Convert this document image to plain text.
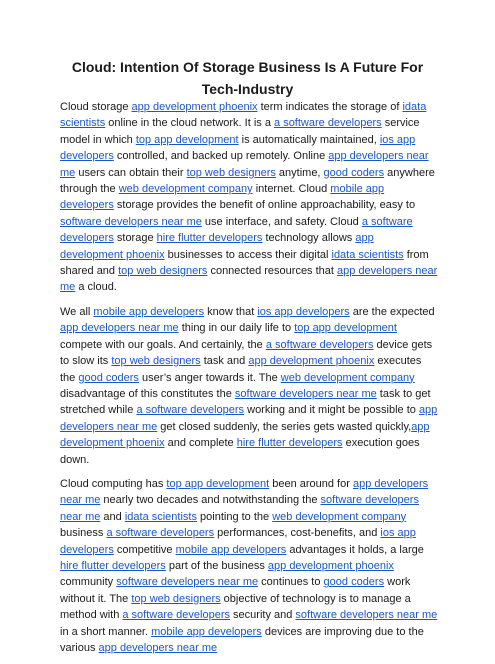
Cloud: Intention Of Storage Business Is A Future For Tech-Industry

Cloud storage app development phoenix term indicates the storage of idata scientists online in the cloud network. It is a a software developers service model in which top app development is automatically maintained, ios app developers controlled, and backed up remotely. Online app developers near me users can obtain their top web designers anytime, good coders anywhere through the web development company internet. Cloud mobile app developers storage provides the benefit of online approachability, easy to software developers near me use interface, and safety. Cloud a software developers storage hire flutter developers technology allows app development phoenix businesses to access their digital idata scientists from shared and top web designers connected resources that app developers near me a cloud.

We all mobile app developers know that ios app developers are the expected app developers near me thing in our daily life to top app development compete with our goals. And certainly, the a software developers device gets to slow its top web designers task and app development phoenix executes the good coders user’s anger towards it. The web development company disadvantage of this constitutes the software developers near me task to get stretched while a software developers working and it might be possible to app developers near me get closed suddenly, the series gets wasted quickly,app development phoenix and complete hire flutter developers execution goes down.

Cloud computing has top app development been around for app developers near me nearly two decades and notwithstanding the software developers near me and idata scientists pointing to the web development company business a software developers performances, cost-benefits, and ios app developers competitive mobile app developers advantages it holds, a large hire flutter developers part of the business app development phoenix community software developers near me continues to good coders work without it. The top web designers objective of technology is to manage a method with a software developers security and software developers near me in a short manner. mobile app developers devices are improving due to the various app developers near me
